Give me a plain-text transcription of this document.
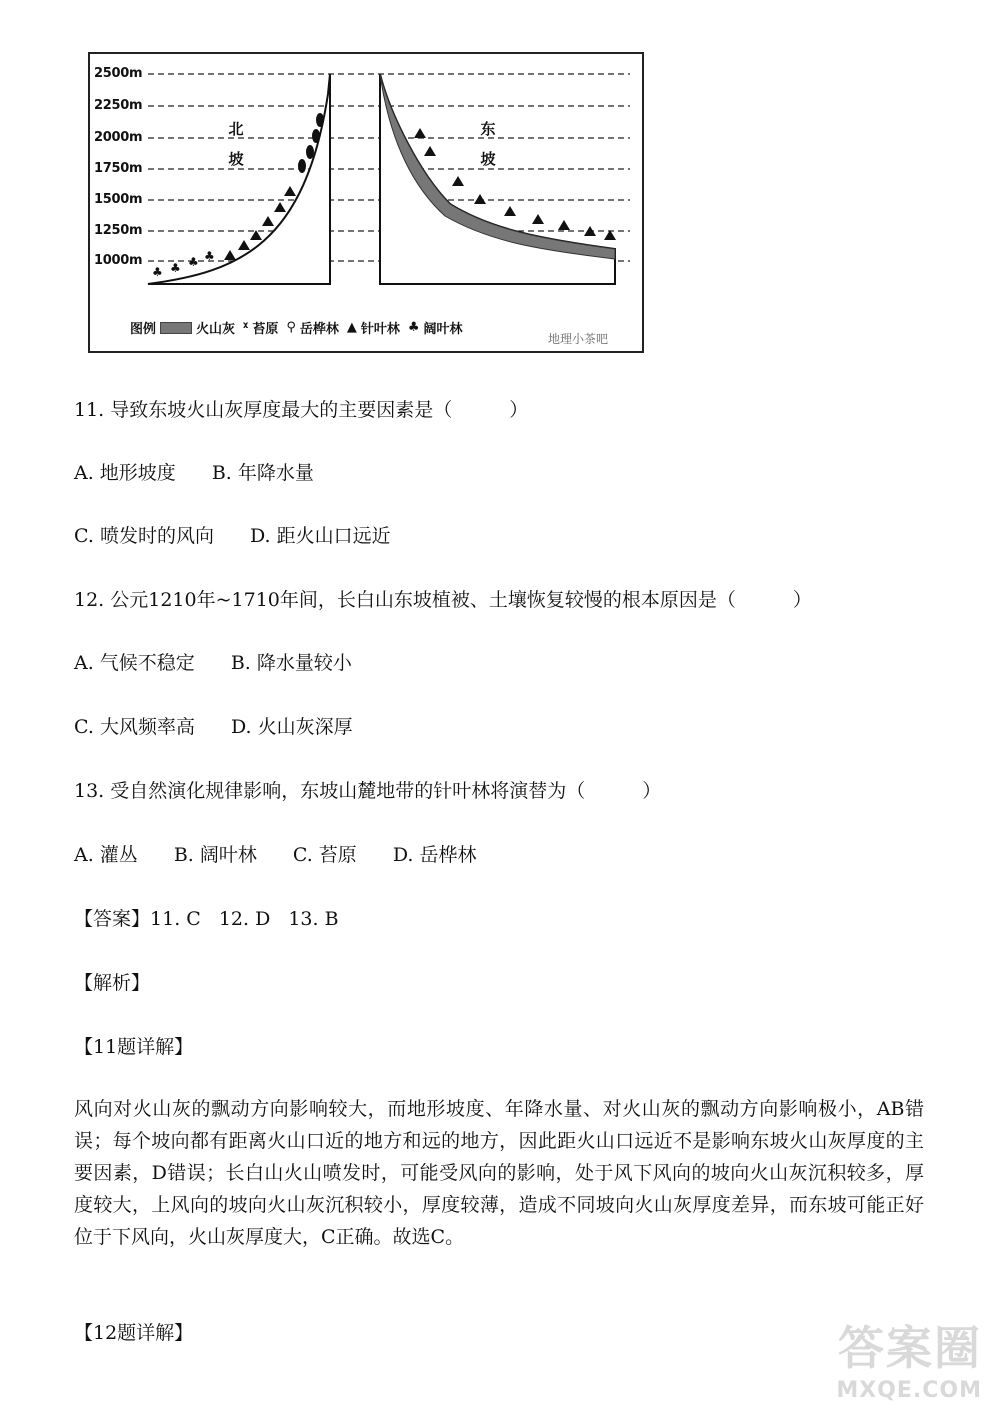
♣ ♣ ♣ ♣
2500m
2250m
2000m
1750m
1500m
1250m
1000m
北
坡
东
坡
图例	火山灰 ᵡ 苔原 ⚲ 岳桦林 ▲ 针叶林 ♣ 阔叶林
地理小茶吧
11. 导致东坡火山灰厚度最大的主要因素是（　　　）
A. 地形坡度 B. 年降水量
C. 喷发时的风向 D. 距火山口远近
12. 公元1210年~1710年间，长白山东坡植被、土壤恢复较慢的根本原因是（　　　）
A. 气候不稳定 B. 降水量较小
C. 大风频率高 D. 火山灰深厚
13. 受自然演化规律影响，东坡山麓地带的针叶林将演替为（　　　）
A. 灌丛 B. 阔叶林 C. 苔原 D. 岳桦林
【答案】11. C 12. D 13. B
【解析】
【11题详解】
风向对火山灰的飘动方向影响较大，而地形坡度、年降水量、对火山灰的飘动方向影响极小，AB错误；每个坡向都有距离火山口近的地方和远的地方，因此距火山口远近不是影响东坡火山灰厚度的主要因素，D错误；长白山火山喷发时，可能受风向的影响，处于风下风向的坡向火山灰沉积较多，厚度较大，上风向的坡向火山灰沉积较小，厚度较薄，造成不同坡向火山灰厚度差异，而东坡可能正好位于下风向，火山灰厚度大，C正确。故选C。
【12题详解】	答案圈
MXQE.COM
